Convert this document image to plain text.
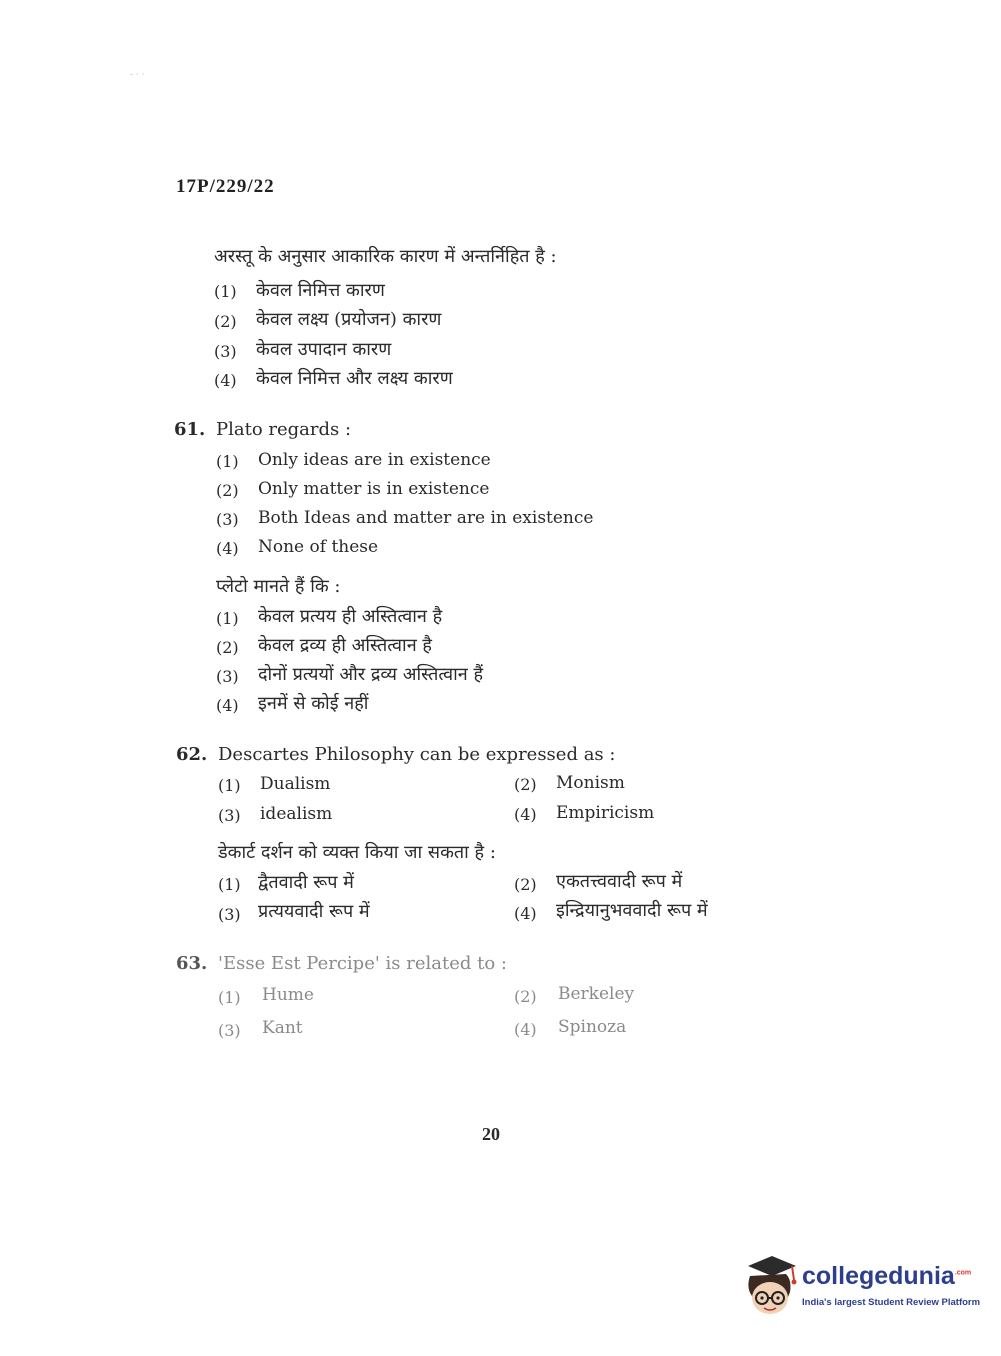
- · ·
17P/229/22
अरस्तू के अनुसार आकारिक कारण में अन्तर्निहित है :
(1) केवल निमित्त कारण
(2) केवल लक्ष्य (प्रयोजन) कारण
(3) केवल उपादान कारण
(4) केवल निमित्त और लक्ष्य कारण
61. Plato regards :
(1) Only ideas are in existence
(2) Only matter is in existence
(3) Both Ideas and matter are in existence
(4) None of these
प्लेटो मानते हैं कि :
(1) केवल प्रत्यय ही अस्तित्वान है
(2) केवल द्रव्य ही अस्तित्वान है
(3) दोनों प्रत्ययों और द्रव्य अस्तित्वान हैं
(4) इनमें से कोई नहीं
62. Descartes Philosophy can be expressed as :
(1) Dualism	(2) Monism
(3) idealism	(4) Empiricism
डेकार्ट दर्शन को व्यक्त किया जा सकता है :
(1) द्वैतवादी रूप में	(2) एकतत्त्ववादी रूप में
(3) प्रत्ययवादी रूप में	(4) इन्द्रियानुभववादी रूप में
63. 'Esse Est Percipe' is related to :
(1) Hume	(2) Berkeley
(3) Kant	(4) Spinoza
20
collegedunia$^{.com}$
India's largest Student Review Platform
